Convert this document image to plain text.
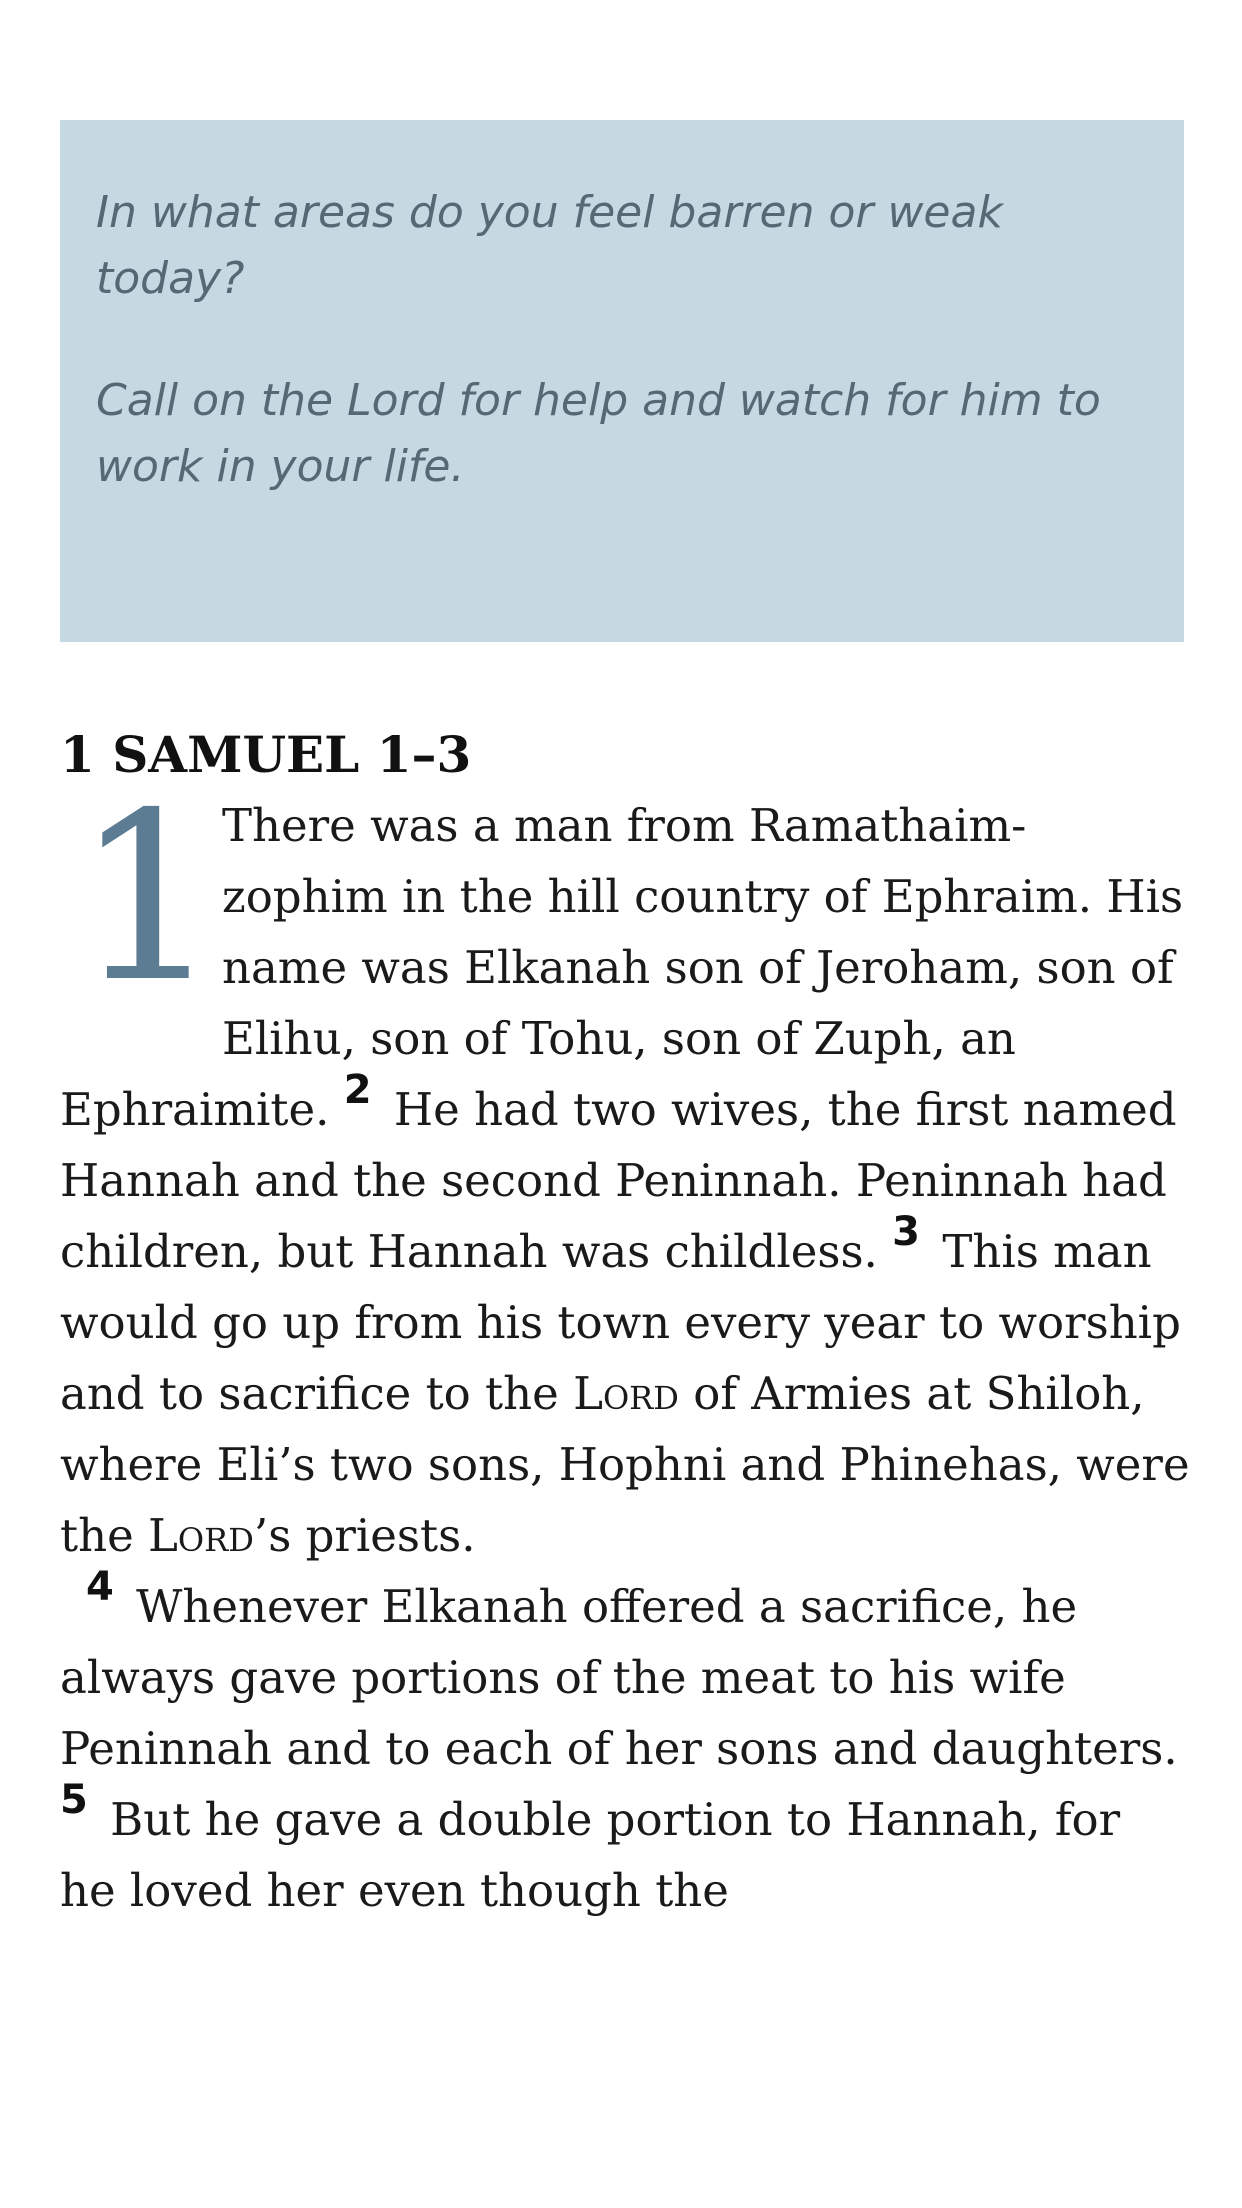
In what areas do you feel barren or weak today?

Call on the Lord for help and watch for him to work in your life.

1 SAMUEL 1–3

1 There was a man from Ramathaim-zophim in the hill country of Ephraim. His name was Elkanah son of Jeroham, son of Elihu, son of Tohu, son of Zuph, an Ephraimite. 2 He had two wives, the first named Hannah and the second Peninnah. Peninnah had children, but Hannah was childless. 3 This man would go up from his town every year to worship and to sacrifice to the Lord of Armies at Shiloh, where Eli’s two sons, Hophni and Phinehas, were the Lord’s priests.

4 Whenever Elkanah offered a sacrifice, he always gave portions of the meat to his wife Peninnah and to each of her sons and daughters. 5 But he gave a double portion to Hannah, for he loved her even though the
